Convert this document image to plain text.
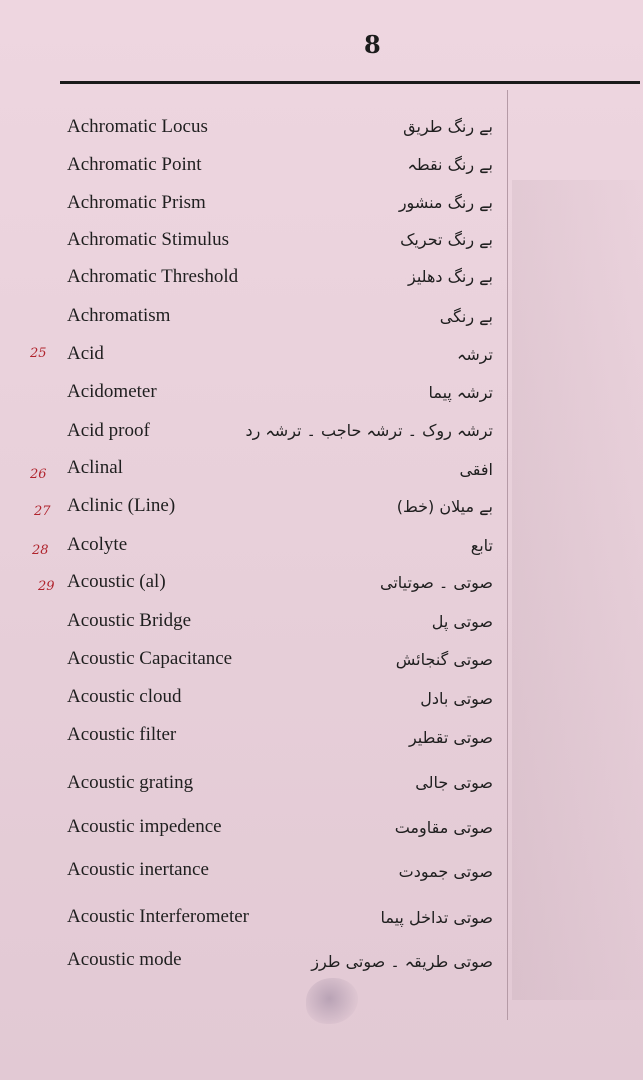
8
Achromatic Locus	بے رنگ طریق
Achromatic Point	بے رنگ نقطہ
Achromatic Prism	بے رنگ منشور
Achromatic Stimulus	بے رنگ تحریک
Achromatic Threshold	بے رنگ دھلیز
Achromatism	بے رنگی
Acid	ترشہ
Acidometer	ترشہ پیما
Acid proof	ترشہ روک ۔ ترشہ حاجب ۔ ترشہ رد
Aclinal	افقی
Aclinic (Line)	بے میلان (خط)
Acolyte	تابع
Acoustic (al)	صوتی ۔ صوتیاتی
Acoustic Bridge	صوتی پل
Acoustic Capacitance	صوتی گنجائش
Acoustic cloud	صوتی بادل
Acoustic filter	صوتی تقطیر
Acoustic grating	صوتی جالی
Acoustic impedence	صوتی مقاومت
Acoustic inertance	صوتی جمودت
Acoustic Interferometer	صوتی تداخل پیما
Acoustic mode	صوتی طریقہ ۔ صوتی طرز
25
26
27
28
29
